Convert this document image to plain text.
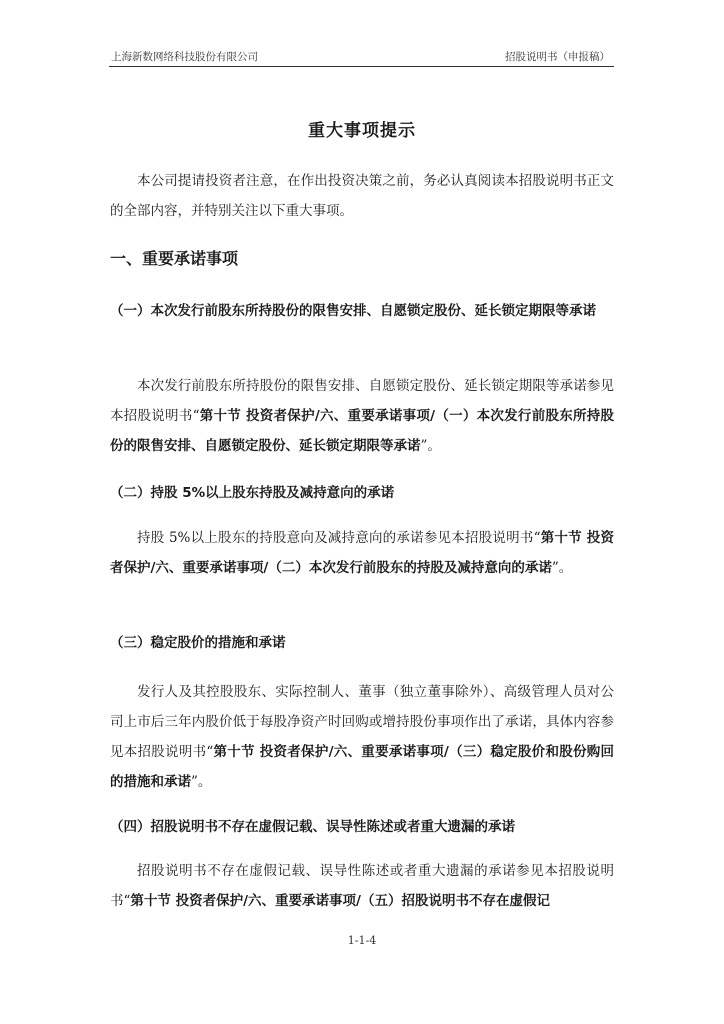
上海新数网络科技股份有限公司	招股说明书（申报稿）
重大事项提示

本公司提请投资者注意，在作出投资决策之前，务必认真阅读本招股说明书正文的全部内容，并特别关注以下重大事项。

一、重要承诺事项
（一）本次发行前股东所持股份的限售安排、自愿锁定股份、延长锁定期限等承诺

本次发行前股东所持股份的限售安排、自愿锁定股份、延长锁定期限等承诺参见本招股说明书“第十节 投资者保护/六、重要承诺事项/（一）本次发行前股东所持股份的限售安排、自愿锁定股份、延长锁定期限等承诺”。

（二）持股 5%以上股东持股及减持意向的承诺

持股 5%以上股东的持股意向及减持意向的承诺参见本招股说明书“第十节 投资者保护/六、重要承诺事项/（二）本次发行前股东的持股及减持意向的承诺”。

（三）稳定股价的措施和承诺

发行人及其控股股东、实际控制人、董事（独立董事除外）、高级管理人员对公司上市后三年内股价低于每股净资产时回购或增持股份事项作出了承诺，具体内容参见本招股说明书“第十节 投资者保护/六、重要承诺事项/（三）稳定股价和股份购回的措施和承诺”。

（四）招股说明书不存在虚假记载、误导性陈述或者重大遗漏的承诺

招股说明书不存在虚假记载、误导性陈述或者重大遗漏的承诺参见本招股说明书“第十节 投资者保护/六、重要承诺事项/（五）招股说明书不存在虚假记

1-1-4
